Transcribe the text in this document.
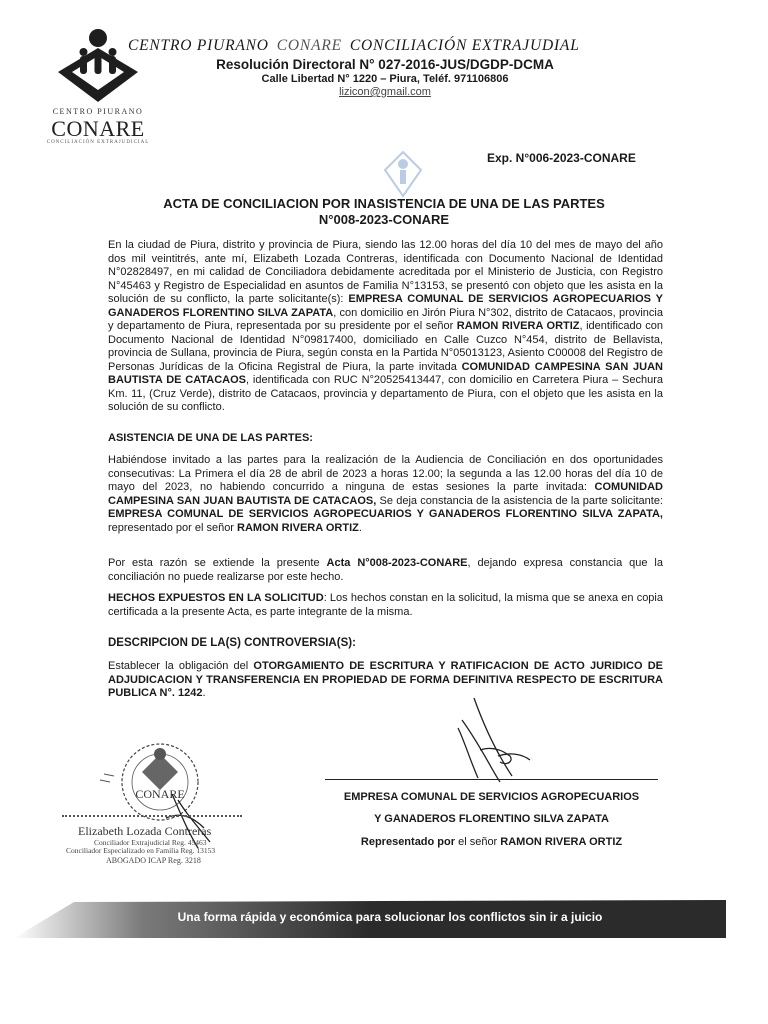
CENTRO PIURANO
CONARE
CONCILIACIÓN EXTRAJUDICIAL
CENTRO PIURANO CONARE CONCILIACIÓN EXTRAJUDIAL
Resolución Directoral N° 027-2016-JUS/DGDP-DCMA
Calle Libertad N° 1220 – Piura, Teléf. 971106806
lizicon@gmail.com
Exp. N°006-2023-CONARE
ACTA DE CONCILIACION POR INASISTENCIA DE UNA DE LAS PARTES
N°008-2023-CONARE
En la ciudad de Piura, distrito y provincia de Piura, siendo las 12.00 horas del día 10 del mes de mayo del año dos mil veintitrés, ante mí, Elizabeth Lozada Contreras, identificada con Documento Nacional de Identidad N°02828497, en mi calidad de Conciliadora debidamente acreditada por el Ministerio de Justicia, con Registro N°45463 y Registro de Especialidad en asuntos de Familia N°13153, se presentó con objeto que les asista en la solución de su conflicto, la parte solicitante(s): EMPRESA COMUNAL DE SERVICIOS AGROPECUARIOS Y GANADEROS FLORENTINO SILVA ZAPATA, con domicilio en Jirón Piura N°302, distrito de Catacaos, provincia y departamento de Piura, representada por su presidente por el señor RAMON RIVERA ORTIZ, identificado con Documento Nacional de Identidad N°09817400, domiciliado en Calle Cuzco N°454, distrito de Bellavista, provincia de Sullana, provincia de Piura, según consta en la Partida N°05013123, Asiento C00008 del Registro de Personas Jurídicas de la Oficina Registral de Piura, la parte invitada COMUNIDAD CAMPESINA SAN JUAN BAUTISTA DE CATACAOS, identificada con RUC N°20525413447, con domicilio en Carretera Piura – Sechura Km. 11, (Cruz Verde), distrito de Catacaos, provincia y departamento de Piura, con el objeto que les asista en la solución de su conflicto.
ASISTENCIA DE UNA DE LAS PARTES:
Habiéndose invitado a las partes para la realización de la Audiencia de Conciliación en dos oportunidades consecutivas: La Primera el día 28 de abril de 2023 a horas 12.00; la segunda a las 12.00 horas del día 10 de mayo del 2023, no habiendo concurrido a ninguna de estas sesiones la parte invitada: COMUNIDAD CAMPESINA SAN JUAN BAUTISTA DE CATACAOS, Se deja constancia de la asistencia de la parte solicitante: EMPRESA COMUNAL DE SERVICIOS AGROPECUARIOS Y GANADEROS FLORENTINO SILVA ZAPATA, representado por el señor RAMON RIVERA ORTIZ.
Por esta razón se extiende la presente Acta N°008-2023-CONARE, dejando expresa constancia que la conciliación no puede realizarse por este hecho.
HECHOS EXPUESTOS EN LA SOLICITUD: Los hechos constan en la solicitud, la misma que se anexa en copia certificada a la presente Acta, es parte integrante de la misma.
DESCRIPCION DE LA(S) CONTROVERSIA(S):
Establecer la obligación del OTORGAMIENTO DE ESCRITURA Y RATIFICACION DE ACTO JURIDICO DE ADJUDICACION Y TRANSFERENCIA EN PROPIEDAD DE FORMA DEFINITIVA RESPECTO DE ESCRITURA PUBLICA N°. 1242.
EMPRESA COMUNAL DE SERVICIOS AGROPECUARIOS
Y GANADEROS FLORENTINO SILVA ZAPATA
Representado por el señor RAMON RIVERA ORTIZ
CONARE
Elizabeth Lozada Contreras
Conciliador Extrajudicial Reg. 45463
Conciliador Especializado en Familia Reg. 13153
ABOGADO ICAP Reg. 3218
Una forma rápida y económica para solucionar los conflictos sin ir a juicio
